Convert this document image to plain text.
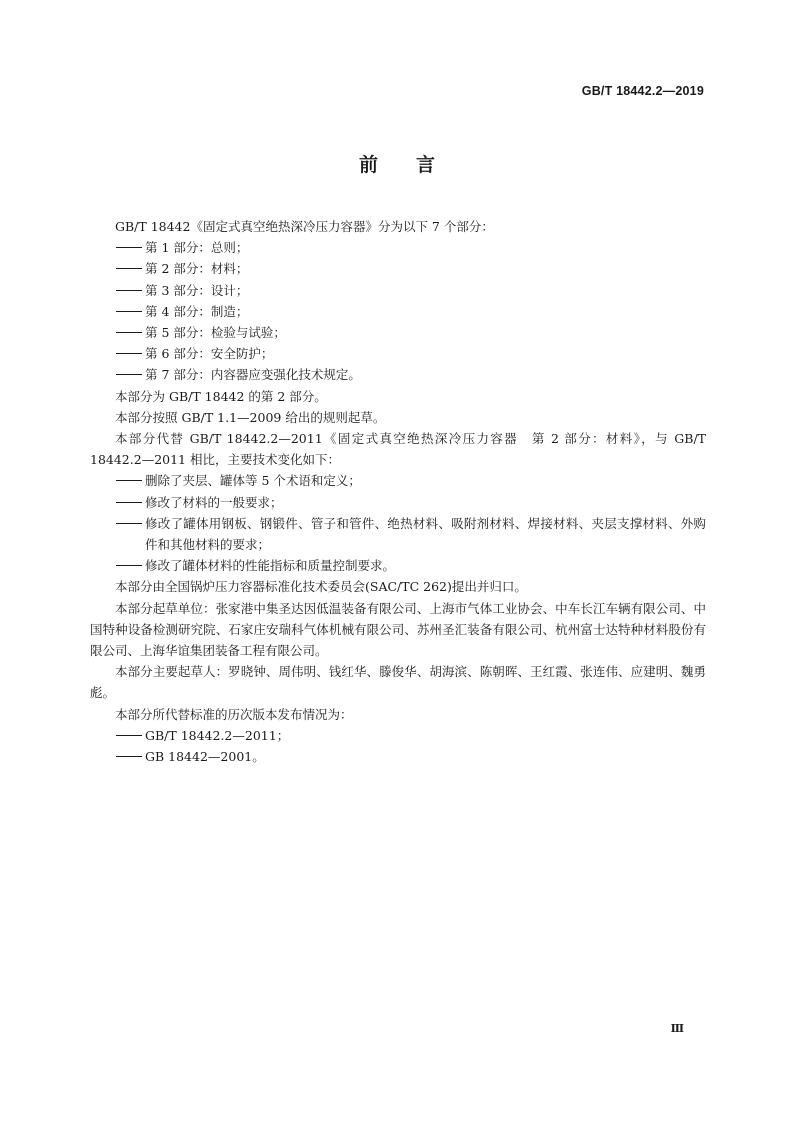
GB/T 18442.2—2019
前言

GB/T 18442《固定式真空绝热深冷压力容器》分为以下 7 个部分：

第 1 部分：总则；
第 2 部分：材料；
第 3 部分：设计；
第 4 部分：制造；
第 5 部分：检验与试验；
第 6 部分：安全防护；
第 7 部分：内容器应变强化技术规定。

本部分为 GB/T 18442 的第 2 部分。

本部分按照 GB/T 1.1—2009 给出的规则起草。

本部分代替 GB/T 18442.2—2011《固定式真空绝热深冷压力容器　第 2 部分：材料》，与 GB/T 18442.2—2011 相比，主要技术变化如下：

删除了夹层、罐体等 5 个术语和定义；
修改了材料的一般要求；
修改了罐体用钢板、钢锻件、管子和管件、绝热材料、吸附剂材料、焊接材料、夹层支撑材料、外购件和其他材料的要求；
修改了罐体材料的性能指标和质量控制要求。

本部分由全国锅炉压力容器标准化技术委员会(SAC/TC 262)提出并归口。

本部分起草单位：张家港中集圣达因低温装备有限公司、上海市气体工业协会、中车长江车辆有限公司、中国特种设备检测研究院、石家庄安瑞科气体机械有限公司、苏州圣汇装备有限公司、杭州富士达特种材料股份有限公司、上海华谊集团装备工程有限公司。

本部分主要起草人：罗晓钟、周伟明、钱红华、滕俊华、胡海滨、陈朝晖、王红霞、张连伟、应建明、魏勇彪。

本部分所代替标准的历次版本发布情况为：

GB/T 18442.2—2011；
GB 18442—2001。
Ⅲ
